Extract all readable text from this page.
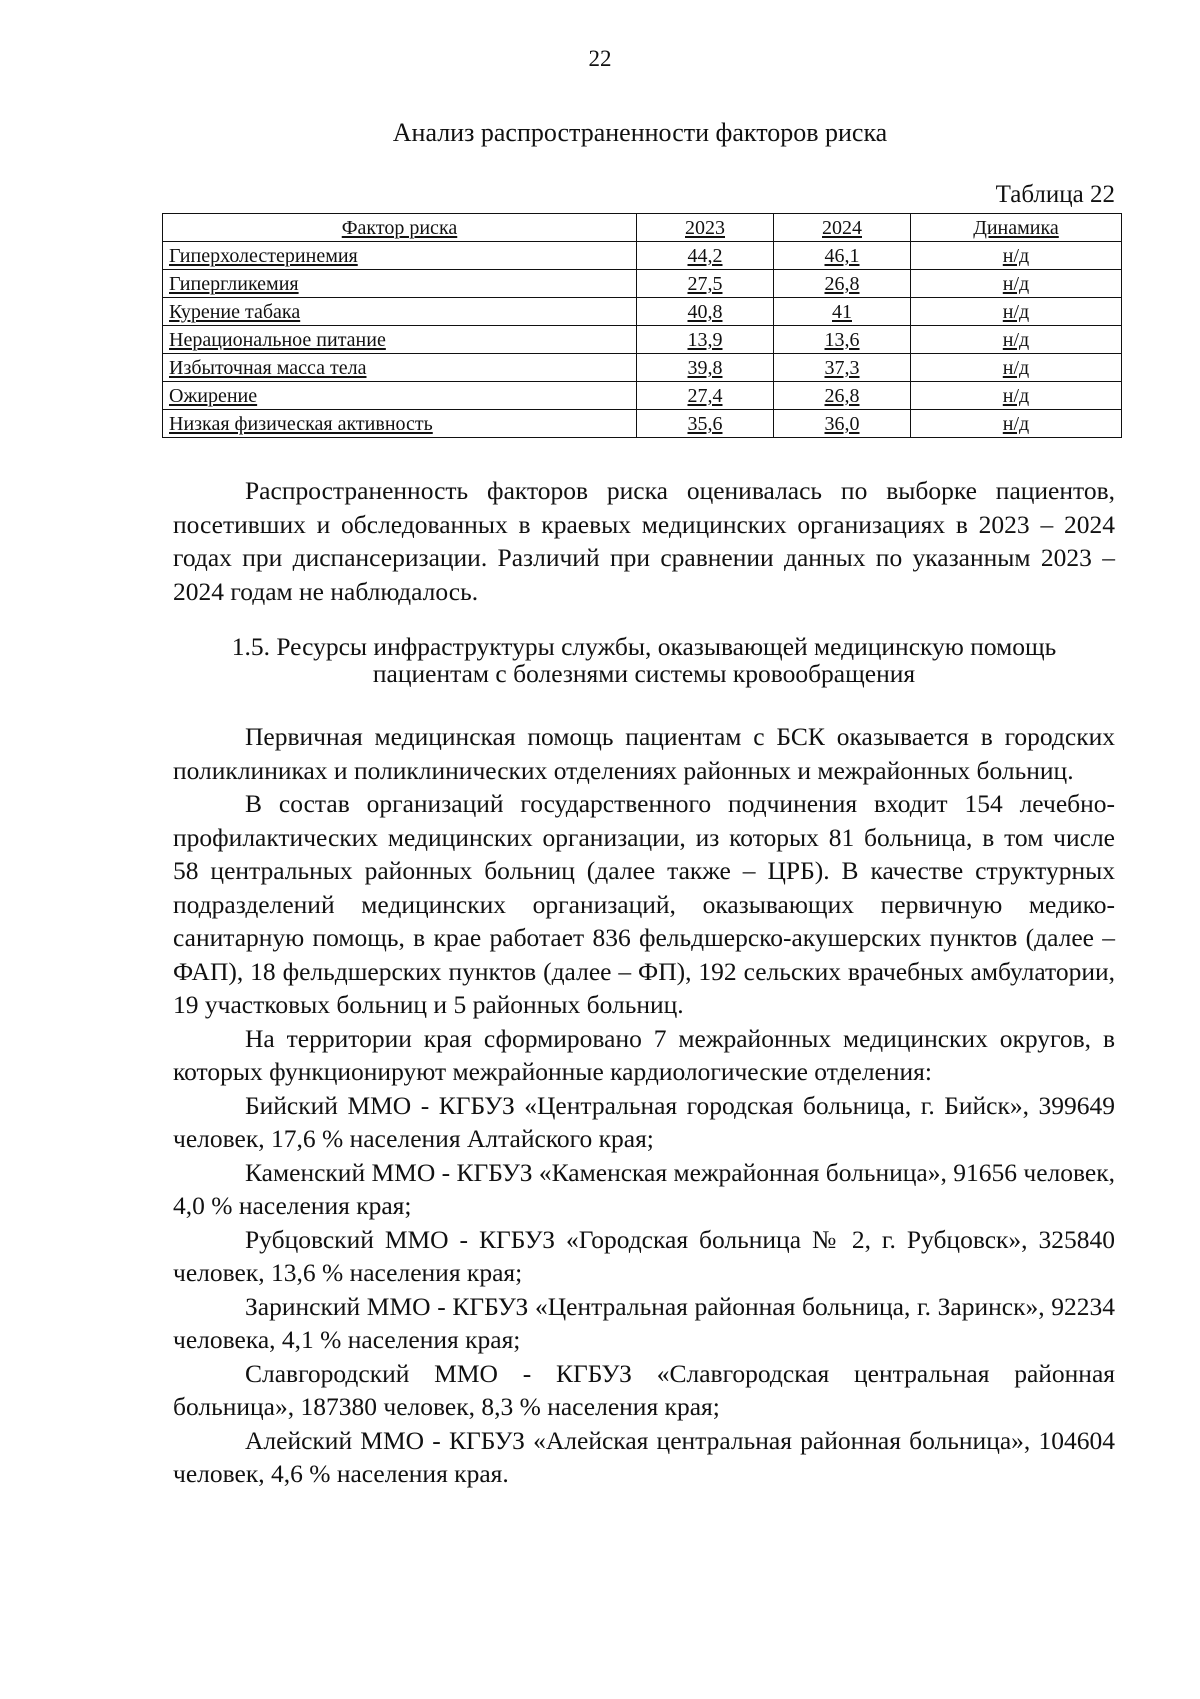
22
Анализ распространенности факторов риска
Таблица 22
Фактор риска	2023	2024	Динамика
Гиперхолестеринемия	44,2	46,1	н/д
Гипергликемия	27,5	26,8	н/д
Курение табака	40,8	41	н/д
Нерациональное питание	13,9	13,6	н/д
Избыточная масса тела	39,8	37,3	н/д
Ожирение	27,4	26,8	н/д
Низкая физическая активность	35,6	36,0	н/д

Распространенность факторов риска оценивалась по выборке пациентов, посетивших и обследованных в краевых медицинских организациях в 2023 – 2024 годах при диспансеризации. Различий при сравнении данных по указанным 2023 – 2024 годам не наблюдалось.

1.5. Ресурсы инфраструктуры службы, оказывающей медицинскую помощь
пациентам с болезнями системы кровообращения

Первичная медицинская помощь пациентам с БСК оказывается в городских поликлиниках и поликлинических отделениях районных и межрайонных больниц.

В состав организаций государственного подчинения входит 154 лечебно-профилактических медицинских организации, из которых 81 больница, в том числе 58 центральных районных больниц (далее также – ЦРБ). В качестве структурных подразделений медицинских организаций, оказывающих первичную медико-санитарную помощь, в крае работает 836 фельдшерско-акушерских пунктов (далее – ФАП), 18 фельдшерских пунктов (далее – ФП), 192 сельских врачебных амбулатории, 19 участковых больниц и 5 районных больниц.

На территории края сформировано 7 межрайонных медицинских округов, в которых функционируют межрайонные кардиологические отделения:

Бийский ММО - КГБУЗ «Центральная городская больница, г. Бийск», 399649 человек, 17,6 % населения Алтайского края;

Каменский ММО - КГБУЗ «Каменская межрайонная больница», 91656 человек, 4,0 % населения края;

Рубцовский ММО - КГБУЗ «Городская больница № 2, г. Рубцовск», 325840 человек, 13,6 % населения края;

Заринский ММО - КГБУЗ «Центральная районная больница, г. Заринск», 92234 человека, 4,1 % населения края;

Славгородский ММО - КГБУЗ «Славгородская центральная районная больница», 187380 человек, 8,3 % населения края;

Алейский ММО - КГБУЗ «Алейская центральная районная больница», 104604 человек, 4,6 % населения края.
